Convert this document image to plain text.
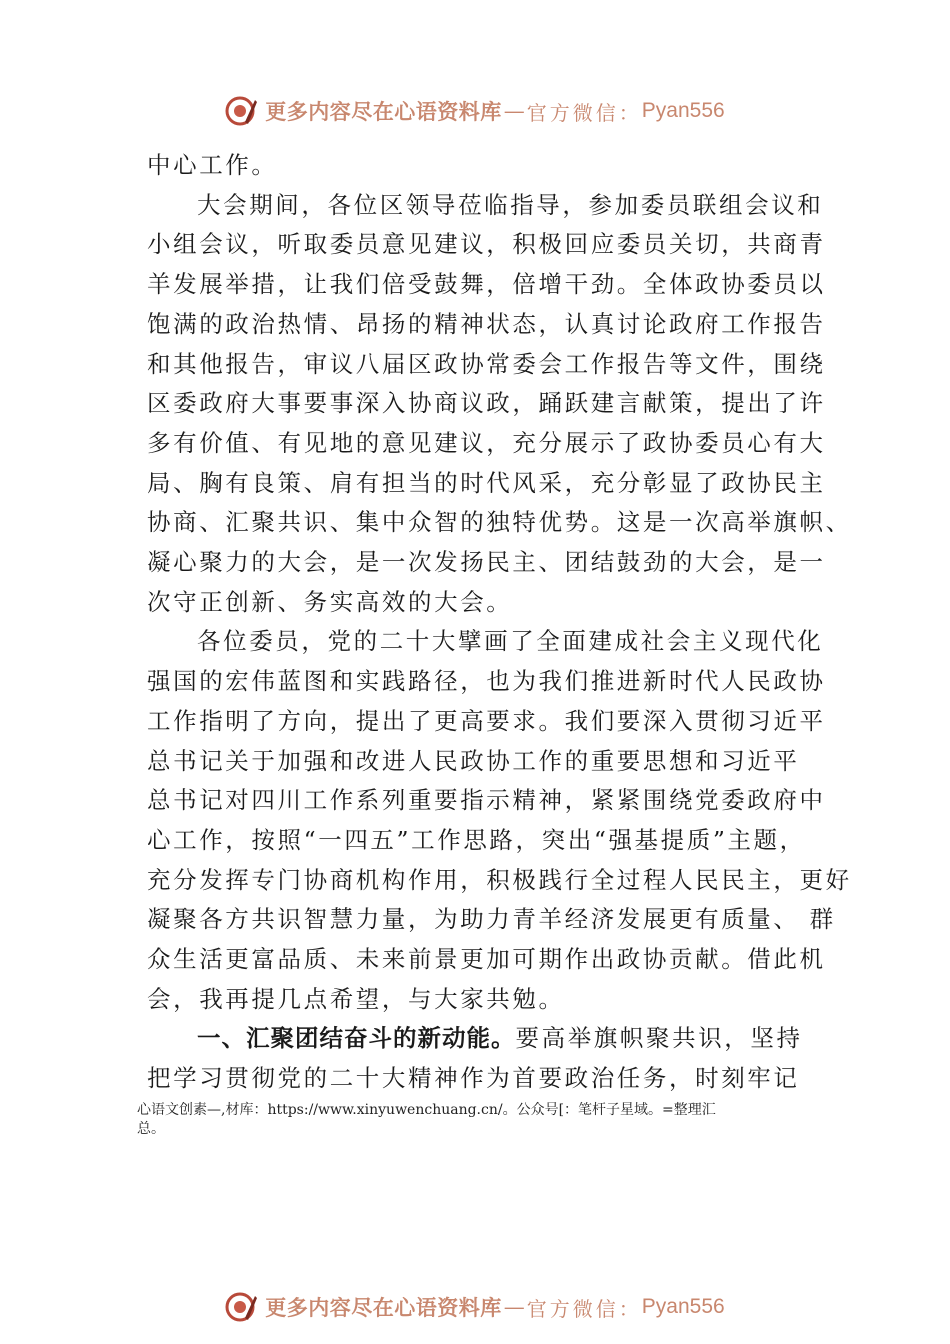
更多内容尽在心语资料库 — 官方微信： Pyan556
中心工作。
大会期间，各位区领导莅临指导，参加委员联组会议和
小组会议，听取委员意见建议，积极回应委员关切，共商青
羊发展举措，让我们倍受鼓舞，倍增干劲。全体政协委员以
饱满的政治热情、昂扬的精神状态，认真讨论政府工作报告
和其他报告，审议八届区政协常委会工作报告等文件，围绕
区委政府大事要事深入协商议政，踊跃建言献策，提出了许
多有价值、有见地的意见建议，充分展示了政协委员心有大
局、胸有良策、肩有担当的时代风采，充分彰显了政协民主
协商、汇聚共识、集中众智的独特优势。这是一次高举旗帜、
凝心聚力的大会，是一次发扬民主、团结鼓劲的大会，是一
次守正创新、务实高效的大会。
各位委员，党的二十大擘画了全面建成社会主义现代化
强国的宏伟蓝图和实践路径，也为我们推进新时代人民政协
工作指明了方向，提出了更高要求。我们要深入贯彻习近平
总书记关于加强和改进人民政协工作的重要思想和习近平
总书记对四川工作系列重要指示精神，紧紧围绕党委政府中
心工作，按照“一四五”工作思路，突出“强基提质”主题，
充分发挥专门协商机构作用，积极践行全过程人民民主，更好
凝聚各方共识智慧力量，为助力青羊经济发展更有质量、 群
众生活更富品质、未来前景更加可期作出政协贡献。借此机
会，我再提几点希望，与大家共勉。
一、汇聚团结奋斗的新动能。要高举旗帜聚共识，坚持
把学习贯彻党的二十大精神作为首要政治任务，时刻牢记
心语文创素—,材库：https://www.xinyuwenchuang.cn/。公众号[：笔杆子星域。=整理汇
总。
更多内容尽在心语资料库 — 官方微信： Pyan556
